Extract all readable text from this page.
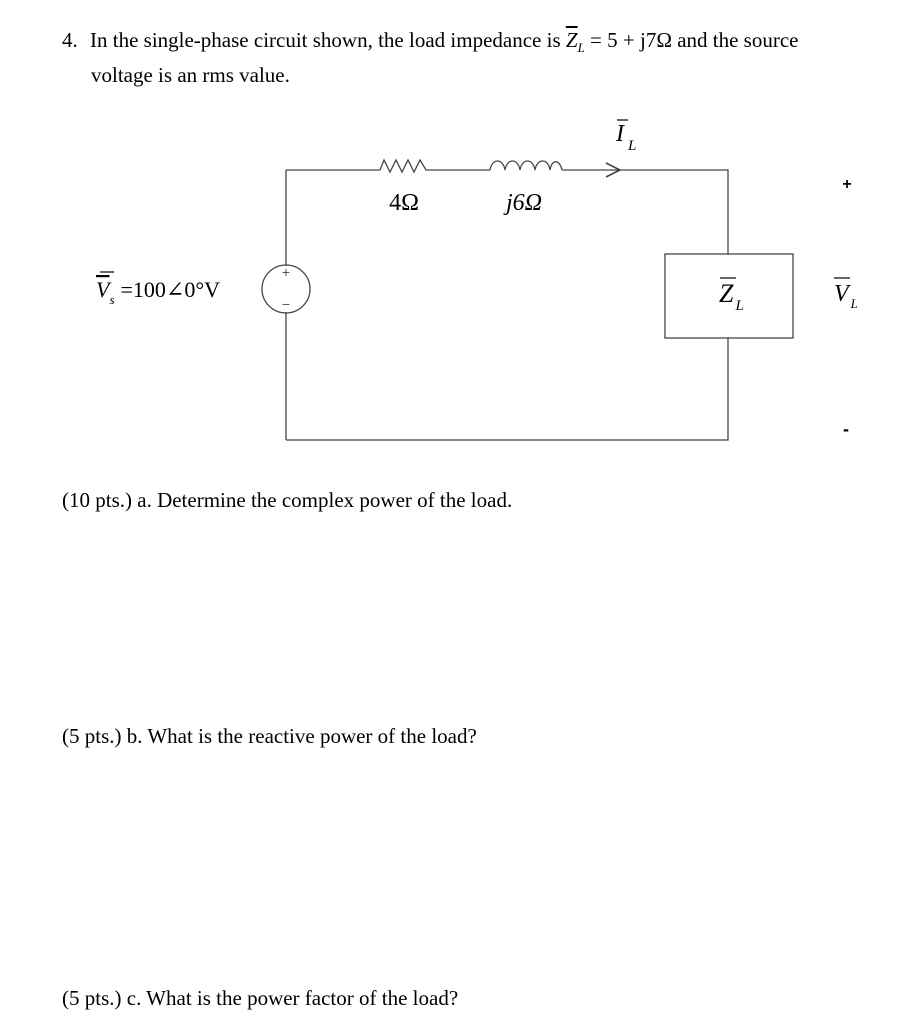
4. In the single-phase circuit shown, the load impedance is $\overline{Z}_L = 5 + j7\Omega$ and the source
voltage is an rms value.
+
−
$V_s$ =100∠0°V
4Ω	j6Ω
I $_L$
Z $_L$
+
V $_L$
-
(10 pts.) a. Determine the complex power of the load.
(5 pts.) b. What is the reactive power of the load?
(5 pts.) c. What is the power factor of the load?
